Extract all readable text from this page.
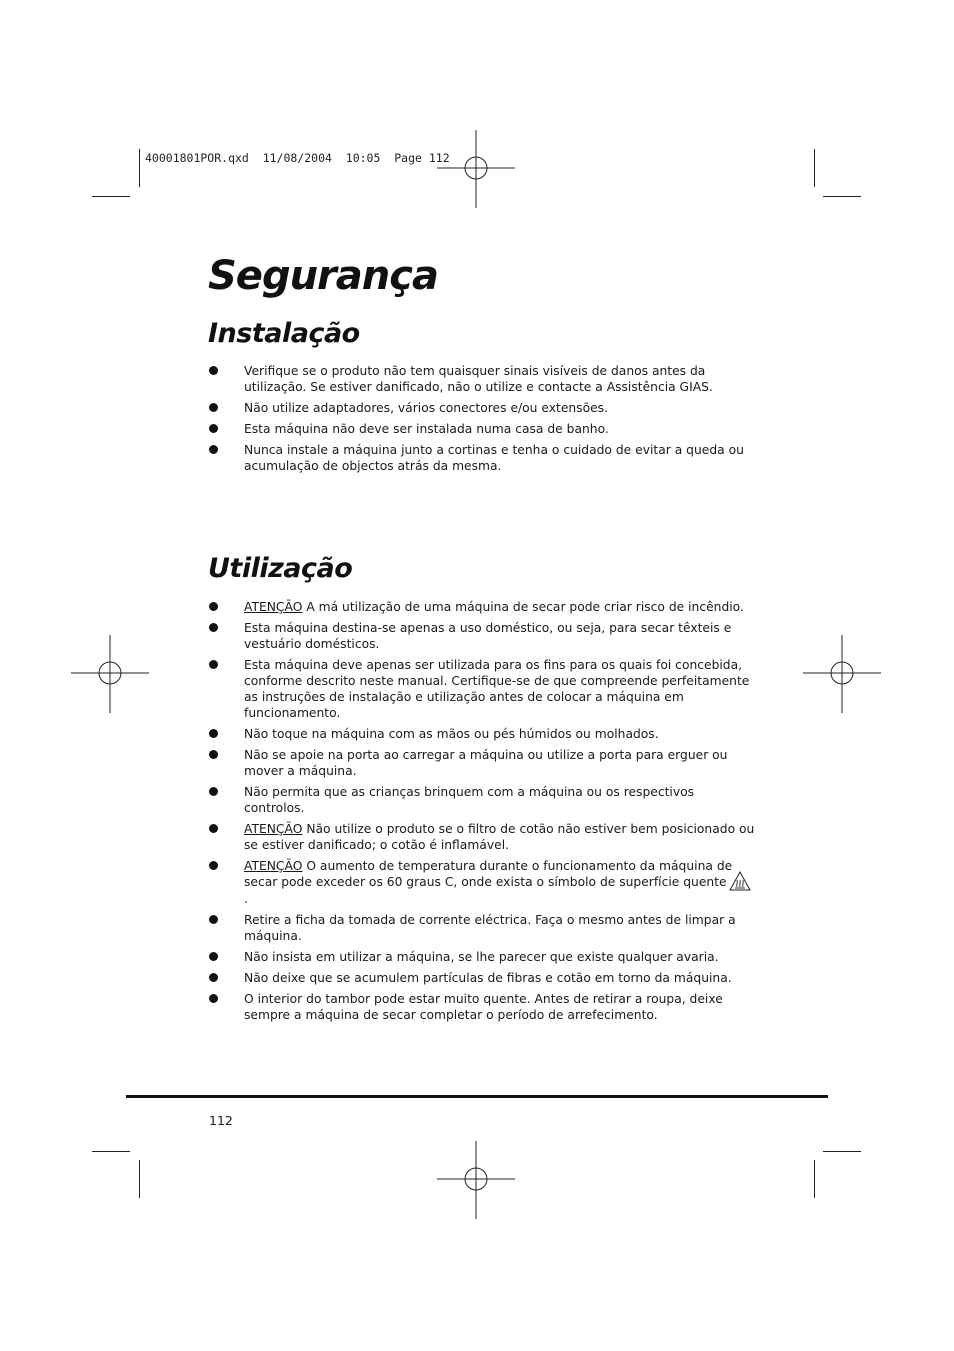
40001801POR.qxd  11/08/2004  10:05  Page 112
Segurança
Instalação
Verifique se o produto não tem quaisquer sinais visíveis de danos antes da utilização. Se estiver danificado, não o utilize e contacte a Assistência GIAS.
Não utilize adaptadores, vários conectores e/ou extensões.
Esta máquina não deve ser instalada numa casa de banho.
Nunca instale a máquina junto a cortinas e tenha o cuidado de evitar a queda ou acumulação de objectos atrás da mesma.
Utilização
ATENÇÃO A má utilização de uma máquina de secar pode criar risco de incêndio.
Esta máquina destina-se apenas a uso doméstico, ou seja, para secar têxteis e vestuário domésticos.
Esta máquina deve apenas ser utilizada para os fins para os quais foi concebida, conforme descrito neste manual. Certifique-se de que compreende perfeitamente as instruções de instalação e utilização antes de colocar a máquina em funcionamento.
Não toque na máquina com as mãos ou pés húmidos ou molhados.
Não se apoie na porta ao carregar a máquina ou utilize a porta para erguer ou mover a máquina.
Não permita que as crianças brinquem com a máquina ou os respectivos controlos.
ATENÇÃO Não utilize o produto se o filtro de cotão não estiver bem posicionado ou se estiver danificado; o cotão é inflamável.
ATENÇÃO O aumento de temperatura durante o funcionamento da máquina de secar pode exceder os 60 graus C, onde exista o símbolo de superfície quente .
Retire a ficha da tomada de corrente eléctrica. Faça o mesmo antes de limpar a máquina.
Não insista em utilizar a máquina, se lhe parecer que existe qualquer avaria.
Não deixe que se acumulem partículas de fibras e cotão em torno da máquina.
O interior do tambor pode estar muito quente. Antes de retirar a roupa, deixe sempre a máquina de secar completar o período de arrefecimento.
112
